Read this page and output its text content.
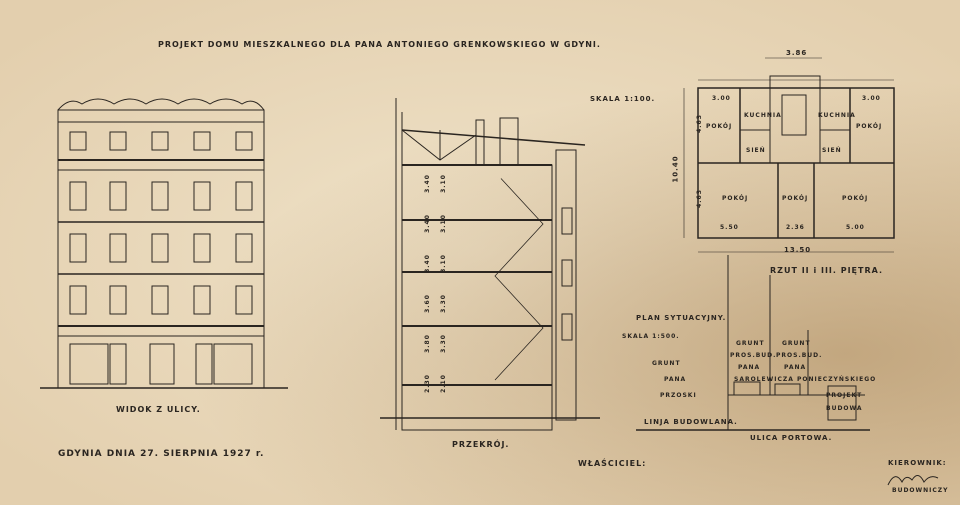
PROJEKT DOMU MIESZKALNEGO DLA PANA ANTONIEGO GRENKOWSKIEGO W GDYNI.
WIDOK Z ULICY.
PRZEKRÓJ.
3.40 3.10
3.40 3.10
3.40 3.10
3.60 3.30
3.80 3.30
2.30 2.10
SKALA 1:100.
3.86
13.50
10.40
POKÓJ	POKÓJ
KUCHNIA	KUCHNIA
SIEŃ	SIEŃ
POKÓJ	POKÓJ	POKÓJ
5.50	2.36	5.00
3.00	3.00
4.63
4.63
RZUT II i III. PIĘTRA.
PLAN SYTUACYJNY.
SKALA 1:500.
GRUNT
PANA
PRZOSKI
GRUNT
PROS.BUD.
PANA
GRUNT
PROS.BUD.
PANA
SAROLEWICZA PONIECZYŃSKIEGO
PROJEKT
BUDOWA
LINJA BUDOWLANA.
ULICA PORTOWA.
GDYNIA DNIA 27. SIERPNIA 1927 r.
WŁAŚCICIEL:	KIEROWNIK:
BUDOWNICZY
